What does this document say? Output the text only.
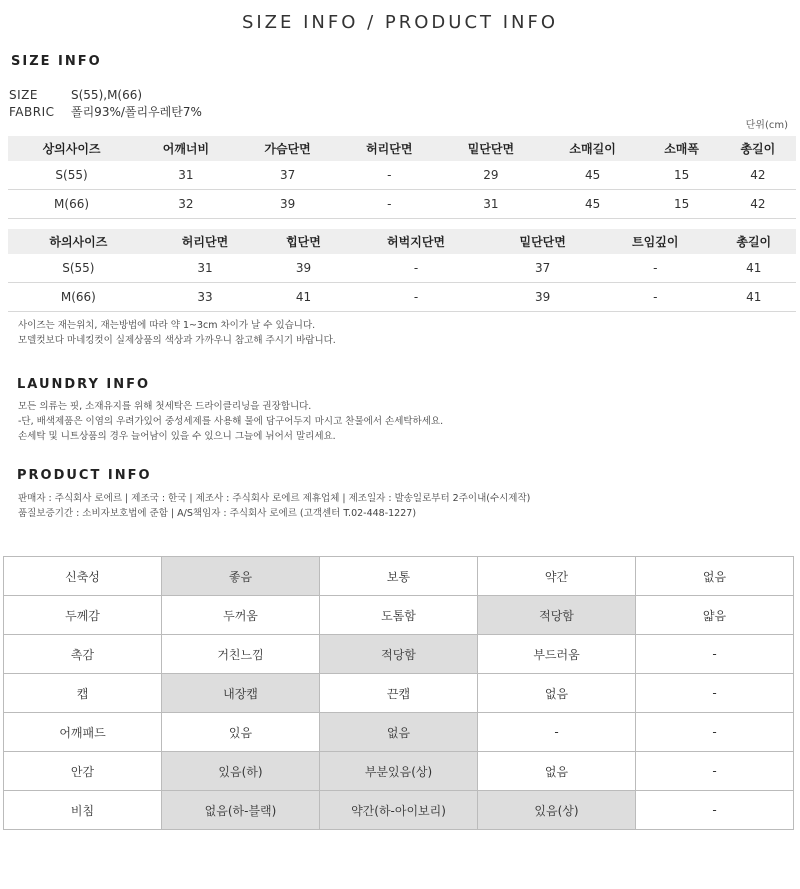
SIZE INFO / PRODUCT INFO
SIZE INFO
SIZE	S(55),M(66)
FABRIC 폴리93%/폴리우레탄7%
단위(cm)
상의사이즈	어깨너비	가슴단면	허리단면	밑단단면	소매길이	소매폭	총길이
S(55)	31	37	-	29	45	15	42
M(66)	32	39	-	31	45	15	42
하의사이즈	허리단면	힙단면	허벅지단면	밑단단면	트임깊이	총길이
S(55)	31	39	-	37	-	41
M(66)	33	41	-	39	-	41
사이즈는 재는위치, 재는방법에 따라 약 1~3cm 차이가 날 수 있습니다.
모델컷보다 마네킹컷이 실제상품의 색상과 가까우니 참고해 주시기 바랍니다.
LAUNDRY INFO
모든 의류는 핏, 소재유지를 위해 첫세탁은 드라이클리닝을 권장합니다.
-단, 배색제품은 이염의 우려가있어 중성세제를 사용해 물에 담구어두지 마시고 찬물에서 손세탁하세요.
손세탁 및 니트상품의 경우 늘어남이 있을 수 있으니 그늘에 뉘어서 말리세요.
PRODUCT INFO
판매자 : 주식회사 로에르 | 제조국 : 한국 | 제조사 : 주식회사 로에르 제휴업체 | 제조일자 : 발송일로부터 2주이내(수시제작)
품질보증기간 : 소비자보호법에 준함 | A/S책임자 : 주식회사 로에르 (고객센터 T.02-448-1227)
신축성	좋음	보통	약간	없음
두께감	두꺼움	도톰함	적당함	얇음
촉감	거친느낌	적당함	부드러움	-
캡	내장캡	끈캡	없음	-
어깨패드	있음	없음	-	-
안감	있음(하)	부분있음(상)	없음	-
비침	없음(하-블랙)	약간(하-아이보리)	있음(상)	-
